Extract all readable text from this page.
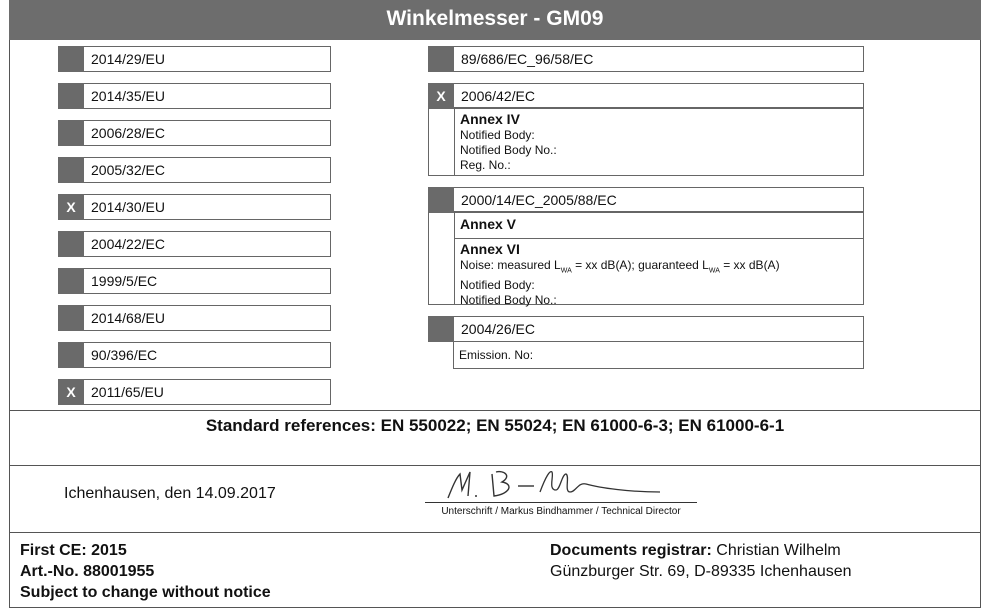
Winkelmesser - GM09
2014/29/EU
2014/35/EU
2006/28/EC
2005/32/EC
X	2014/30/EU
2004/22/EC
1999/5/EC
2014/68/EU
90/396/EC
X	2011/65/EU
89/686/EC_96/58/EC
X	2006/42/EC
Annex IV
Notified Body:
Notified Body No.:
Reg. No.:
2000/14/EC_2005/88/EC
Annex V
Annex VI
Noise: measured $L_{WA}$ = xx dB(A); guaranteed $L_{WA}$ = xx dB(A)
Notified Body:
Notified Body No.:
2004/26/EC
Emission. No:
Standard references: EN 550022; EN 55024; EN 61000-6-3; EN 61000-6-1
Ichenhausen, den 14.09.2017
Unterschrift / Markus Bindhammer / Technical Director
First CE: 2015
Art.-No. 88001955
Subject to change without notice
Documents registrar: Christian Wilhelm
Günzburger Str. 69, D-89335 Ichenhausen
